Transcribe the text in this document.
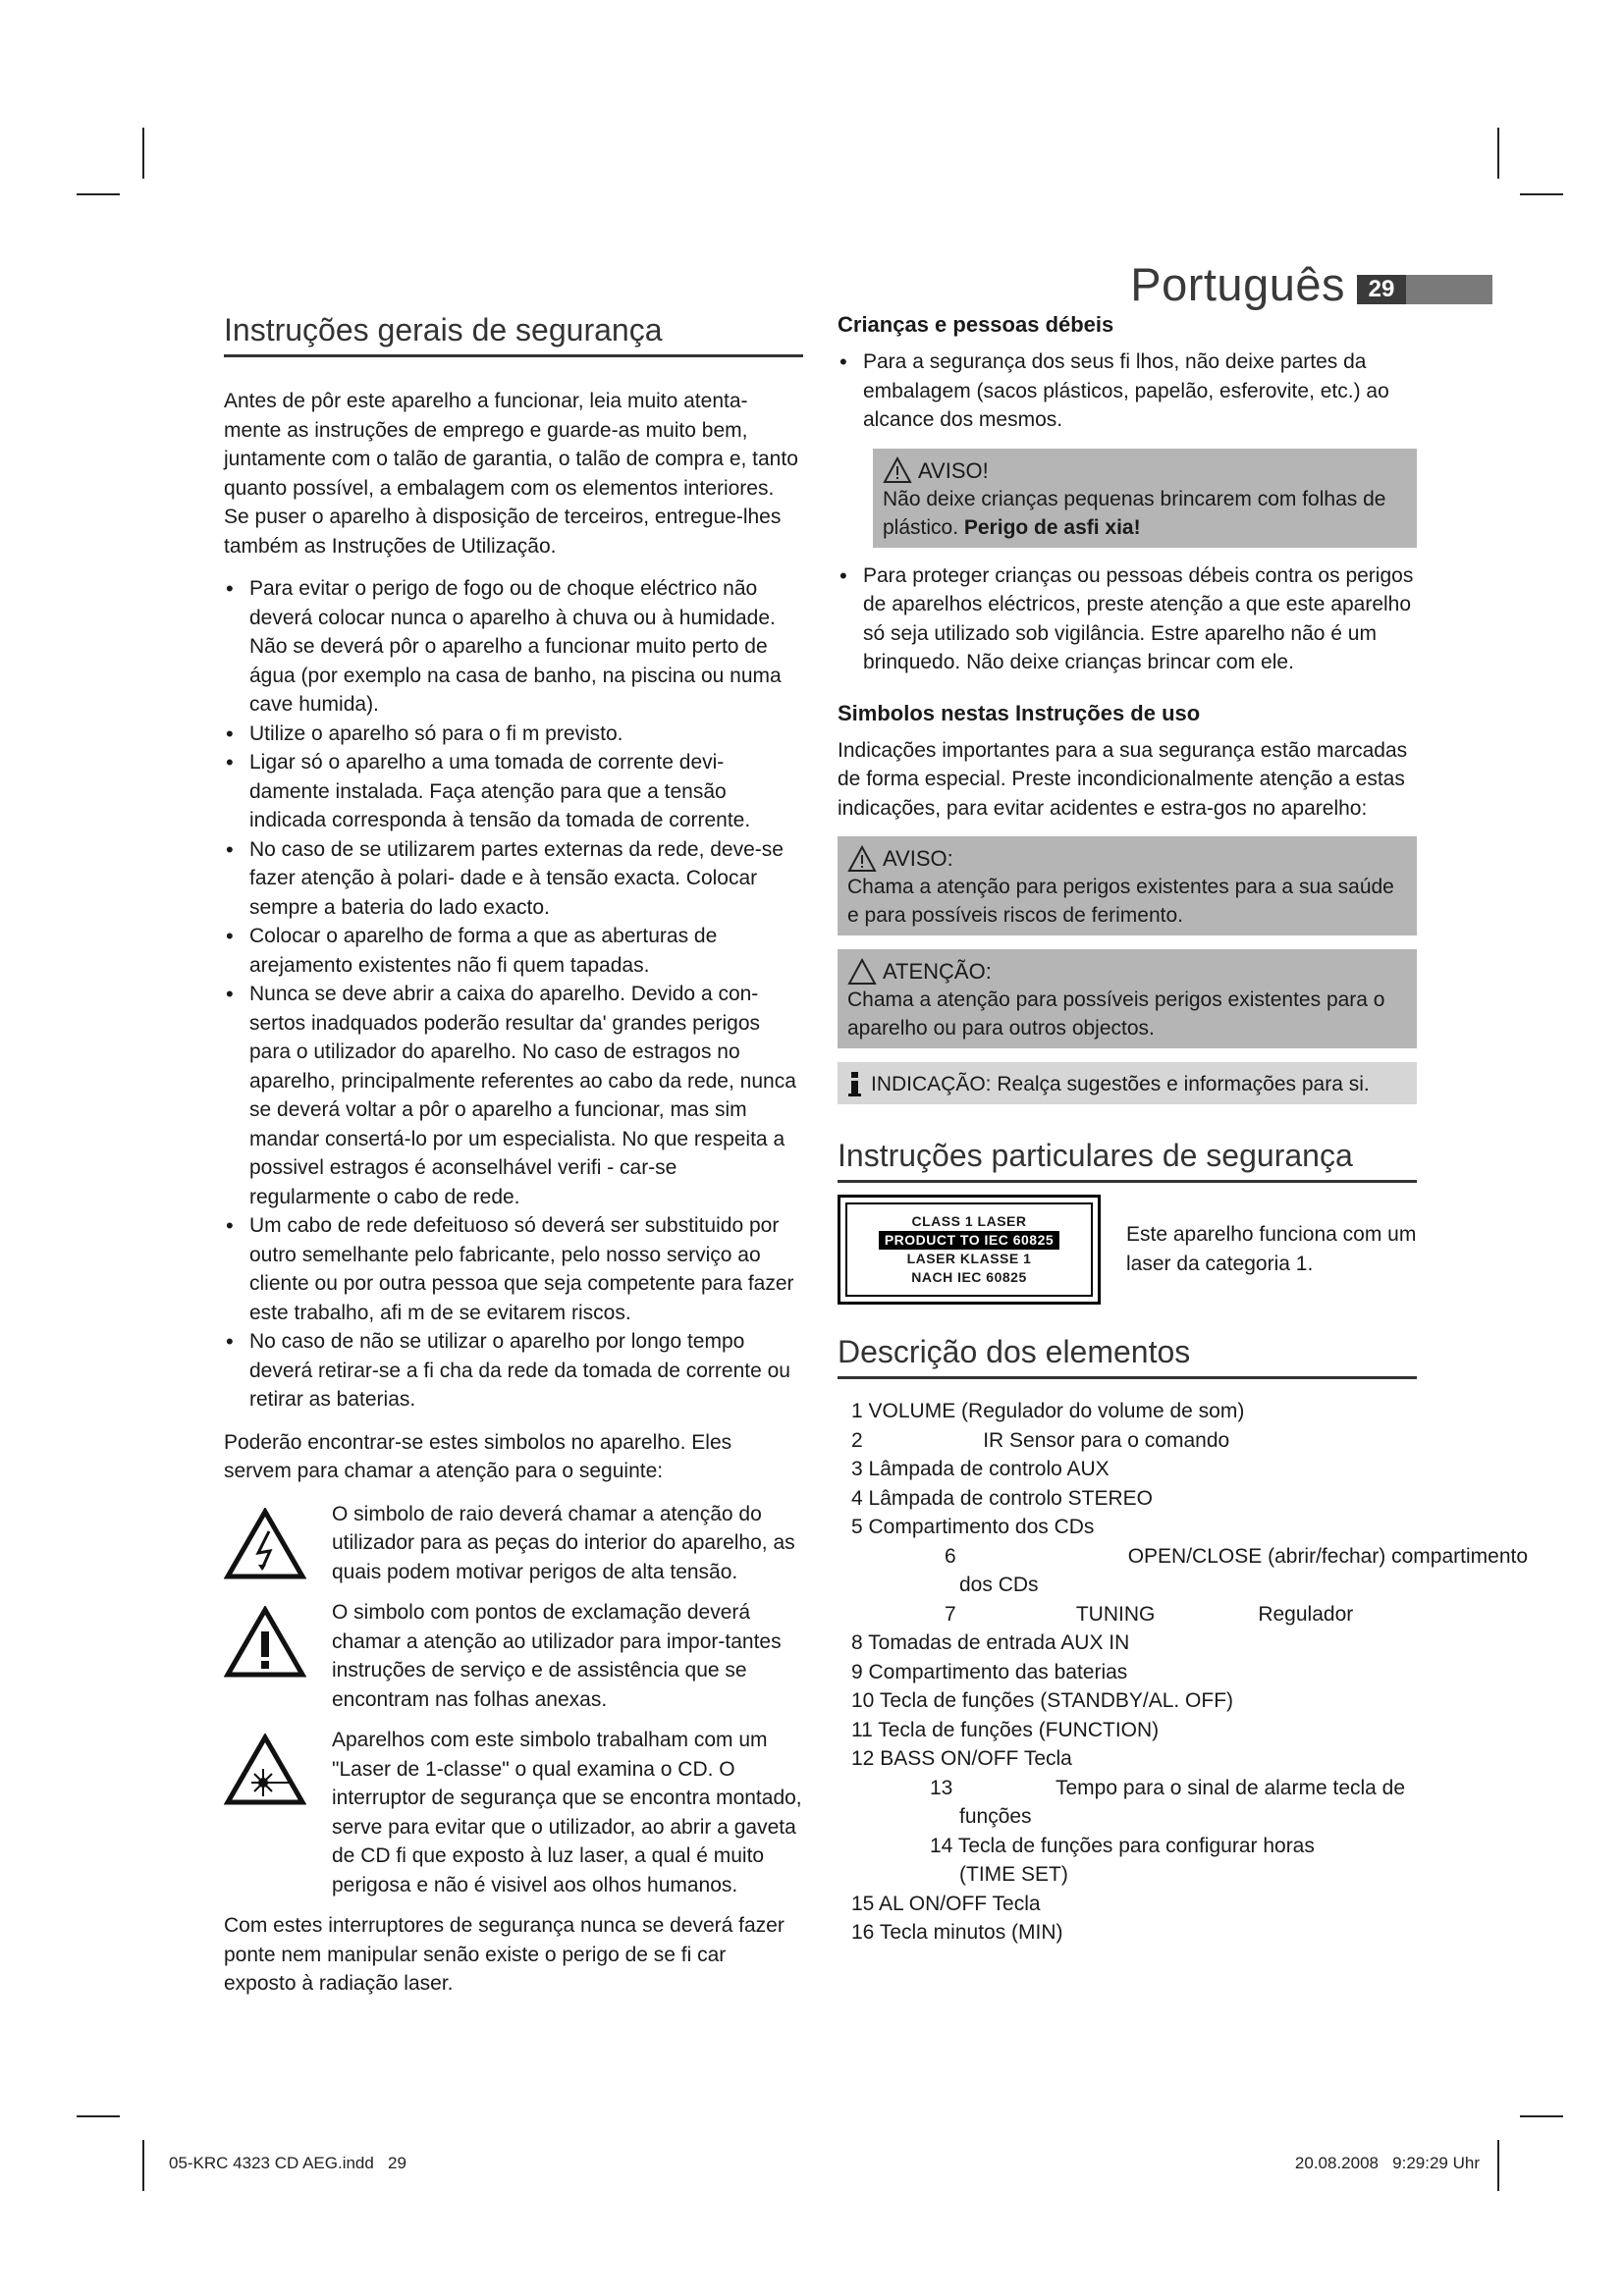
Português 29
Instruções gerais de segurança

Antes de pôr este aparelho a funcionar, leia muito atenta-mente as instruções de emprego e guarde-as muito bem, juntamente com o talão de garantia, o talão de compra e, tanto quanto possível, a embalagem com os elementos interiores. Se puser o aparelho à disposição de terceiros, entregue-lhes também as Instruções de Utilização.

• Para evitar o perigo de fogo ou de choque eléctrico não deverá colocar nunca o aparelho à chuva ou à humidade. Não se deverá pôr o aparelho a funcionar muito perto de água (por exemplo na casa de banho, na piscina ou numa cave humida).
• Utilize o aparelho só para o fi m previsto.
• Ligar só o aparelho a uma tomada de corrente devi-damente instalada. Faça atenção para que a tensão indicada corresponda à tensão da tomada de corrente.
• No caso de se utilizarem partes externas da rede, deve-se fazer atenção à polari- dade e à tensão exacta. Colocar sempre a bateria do lado exacto.
• Colocar o aparelho de forma a que as aberturas de arejamento existentes não fi quem tapadas.
• Nunca se deve abrir a caixa do aparelho. Devido a con-sertos inadquados poderão resultar da' grandes perigos para o utilizador do aparelho. No caso de estragos no aparelho, principalmente referentes ao cabo da rede, nunca se deverá voltar a pôr o aparelho a funcionar, mas sim mandar consertá-lo por um especialista. No que respeita a possivel estragos é aconselhável verifi - car-se regularmente o cabo de rede.
• Um cabo de rede defeituoso só deverá ser substituido por outro semelhante pelo fabricante, pelo nosso serviço ao cliente ou por outra pessoa que seja competente para fazer este trabalho, afi m de se evitarem riscos.
• No caso de não se utilizar o aparelho por longo tempo deverá retirar-se a fi cha da rede da tomada de corrente ou retirar as baterias.

Poderão encontrar-se estes simbolos no aparelho. Eles servem para chamar a atenção para o seguinte:

O simbolo de raio deverá chamar a atenção do utilizador para as peças do interior do aparelho, as quais podem motivar perigos de alta tensão.
O simbolo com pontos de exclamação deverá chamar a atenção ao utilizador para impor-tantes instruções de serviço e de assistência que se encontram nas folhas anexas.
Aparelhos com este simbolo trabalham com um "Laser de 1-classe" o qual examina o CD. O interruptor de segurança que se encontra montado, serve para evitar que o utilizador, ao abrir a gaveta de CD fi que exposto à luz laser, a qual é muito perigosa e não é visivel aos olhos humanos.

Com estes interruptores de segurança nunca se deverá fazer ponte nem manipular senão existe o perigo de se fi car exposto à radiação laser.

Crianças e pessoas débeis
• Para a segurança dos seus fi lhos, não deixe partes da embalagem (sacos plásticos, papelão, esferovite, etc.) ao alcance dos mesmos.
AVISO!
Não deixe crianças pequenas brincarem com folhas de plástico. Perigo de asfi xia!
• Para proteger crianças ou pessoas débeis contra os perigos de aparelhos eléctricos, preste atenção a que este aparelho só seja utilizado sob vigilância. Estre aparelho não é um brinquedo. Não deixe crianças brincar com ele.
Simbolos nestas Instruções de uso

Indicações importantes para a sua segurança estão marcadas de forma especial. Preste incondicionalmente atenção a estas indicações, para evitar acidentes e estra-gos no aparelho:

AVISO:
Chama a atenção para perigos existentes para a sua saúde e para possíveis riscos de ferimento.
ATENÇÃO:
Chama a atenção para possíveis perigos existentes para o aparelho ou para outros objectos.
INDICAÇÃO: Realça sugestões e informações para si.
Instruções particulares de segurança
CLASS 1 LASER
PRODUCT TO IEC 60825
LASER KLASSE 1
NACH IEC 60825
Este aparelho funciona com um laser da categoria 1.
Descrição dos elementos
1 VOLUME (Regulador do volume de som)
2                     IR Sensor para o comando
3 Lâmpada de controlo AUX
4 Lâmpada de controlo STEREO
5 Compartimento dos CDs
6                              OPEN/CLOSE (abrir/fechar) compartimento
dos CDs
7                     TUNING                  Regulador
8 Tomadas de entrada AUX IN
9 Compartimento das baterias
10 Tecla de funções (STANDBY/AL. OFF)
11 Tecla de funções (FUNCTION)
12 BASS ON/OFF Tecla
13                  Tempo para o sinal de alarme tecla de
funções
14 Tecla de funções para configurar horas
(TIME SET)
15 AL ON/OFF Tecla
16 Tecla minutos (MIN)
05-KRC 4323 CD AEG.indd   29	20.08.2008   9:29:29 Uhr
